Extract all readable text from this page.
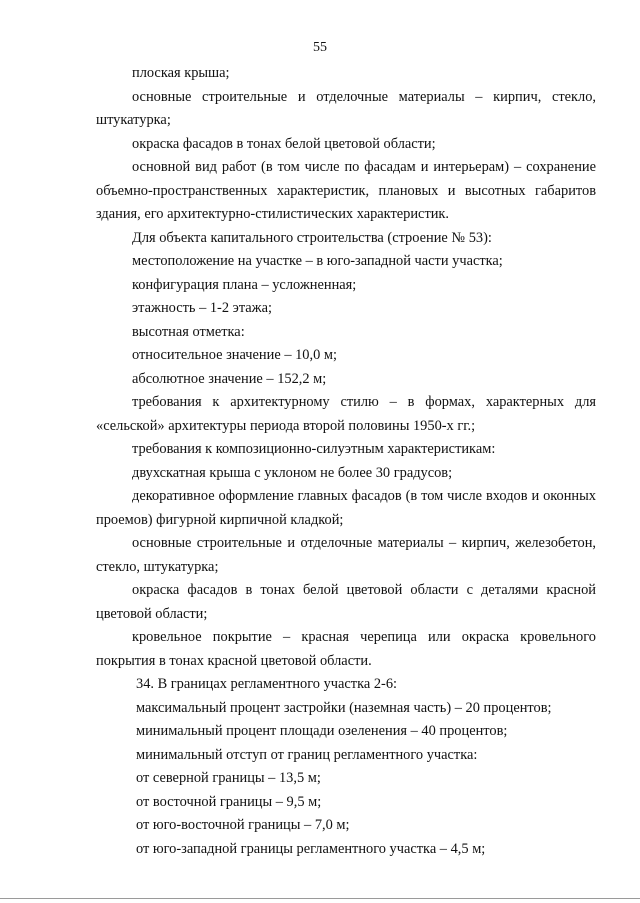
55

плоская крыша;

основные строительные и отделочные материалы – кирпич, стекло, штукатурка;

окраска фасадов в тонах белой цветовой области;

основной вид работ (в том числе по фасадам и интерьерам) – сохранение объемно-пространственных характеристик, плановых и высотных габаритов здания, его архитектурно-стилистических характеристик.

Для объекта капитального строительства (строение № 53):

местоположение на участке – в юго-западной части участка;

конфигурация плана – усложненная;

этажность – 1-2 этажа;

высотная отметка:

относительное значение – 10,0 м;

абсолютное значение – 152,2 м;

требования к архитектурному стилю – в формах, характерных для «сельской» архитектуры периода второй половины 1950-х гг.;

требования к композиционно-силуэтным характеристикам:

двухскатная крыша с уклоном не более 30 градусов;

декоративное оформление главных фасадов (в том числе входов и оконных проемов) фигурной кирпичной кладкой;

основные строительные и отделочные материалы – кирпич, железобетон, стекло, штукатурка;

окраска фасадов в тонах белой цветовой области с деталями красной цветовой области;

кровельное покрытие – красная черепица или окраска кровельного покрытия в тонах красной цветовой области.

34. В границах регламентного участка 2-6:

максимальный процент застройки (наземная часть) – 20 процентов;

минимальный процент площади озеленения – 40 процентов;

минимальный отступ от границ регламентного участка:

от северной границы – 13,5 м;

от восточной границы – 9,5 м;

от юго-восточной границы – 7,0 м;

от юго-западной границы регламентного участка – 4,5 м;
